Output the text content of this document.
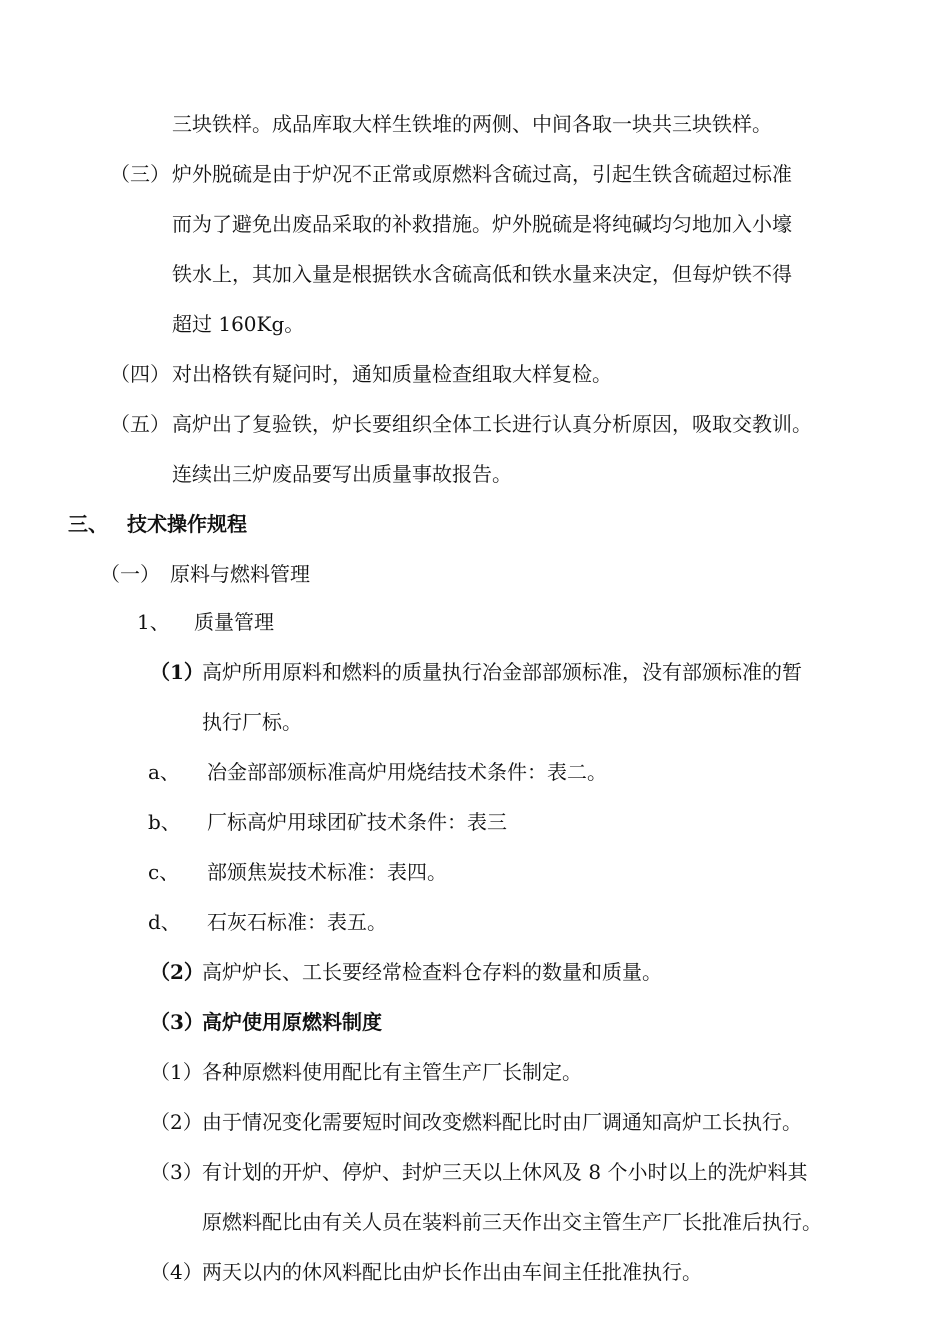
三块铁样。成品库取大样生铁堆的两侧、中间各取一块共三块铁样。
（三） 炉外脱硫是由于炉况不正常或原燃料含硫过高，引起生铁含硫超过标准
而为了避免出废品采取的补救措施。炉外脱硫是将纯碱均匀地加入小壕
铁水上，其加入量是根据铁水含硫高低和铁水量来决定，但每炉铁不得
超过 160Kg。
（四） 对出格铁有疑问时，通知质量检查组取大样复检。
（五） 高炉出了复验铁，炉长要组织全体工长进行认真分析原因，吸取交教训。
连续出三炉废品要写出质量事故报告。
三、 技术操作规程
（一） 原料与燃料管理
1、 质量管理
（1）
高炉所用原料和燃料的质量执行冶金部部颁标准，没有部颁标准的暂
执行厂标。
a、 冶金部部颁标准高炉用烧结技术条件：表二。
b、 厂标高炉用球团矿技术条件：表三
c、 部颁焦炭技术标准：表四。
d、 石灰石标准：表五。
（2）
高炉炉长、工长要经常检查料仓存料的数量和质量。
（3）
高炉使用原燃料制度
（1） 各种原燃料使用配比有主管生产厂长制定。
（2） 由于情况变化需要短时间改变燃料配比时由厂调通知高炉工长执行。
（3） 有计划的开炉、停炉、封炉三天以上休风及 8 个小时以上的洗炉料其
原燃料配比由有关人员在装料前三天作出交主管生产厂长批准后执行。
（4） 两天以内的休风料配比由炉长作出由车间主任批准执行。
